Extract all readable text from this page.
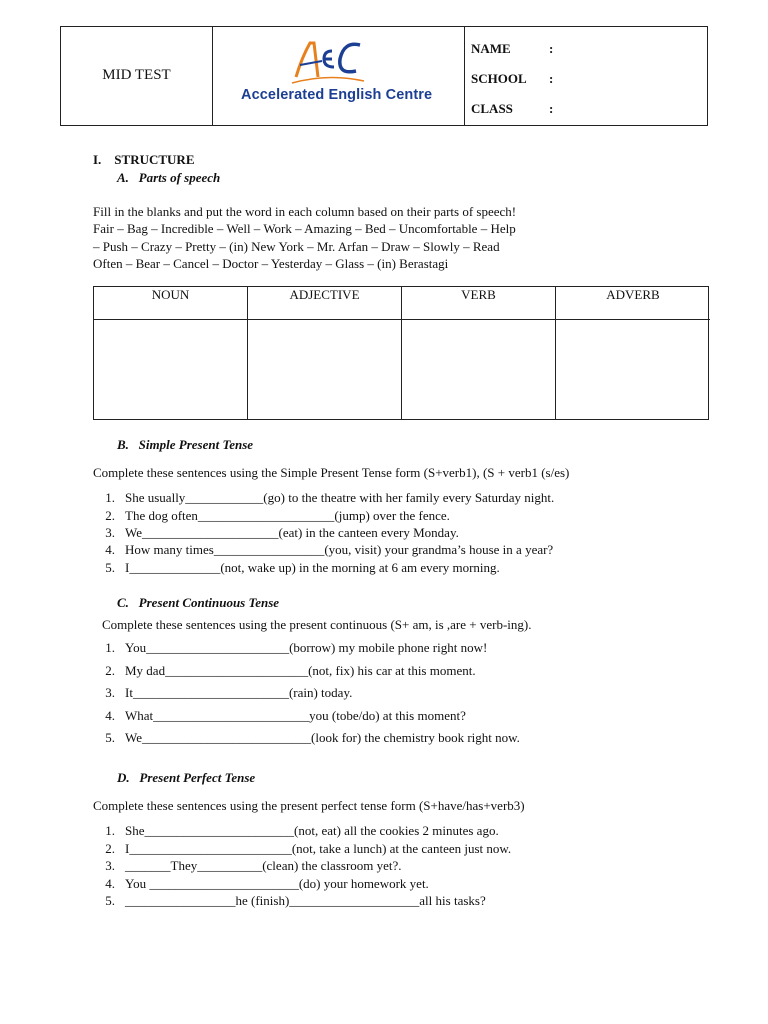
MID TEST
Accelerated English Centre
NAME	:
SCHOOL :
CLASS	:
I.    STRUCTURE
A.   Parts of speech
Fill in the blanks and put the word in each column based on their parts of speech!
Fair – Bag – Incredible – Well – Work – Amazing – Bed – Uncomfortable – Help
– Push – Crazy – Pretty – (in) New York – Mr. Arfan – Draw – Slowly – Read
Often – Bear – Cancel – Doctor – Yesterday – Glass – (in) Berastagi
NOUN	ADJECTIVE	VERB	ADVERB
B.   Simple Present Tense
Complete these sentences using the Simple Present Tense form (S+verb1), (S + verb1 (s/es)
1. She usually____________(go) to the theatre with her family every Saturday night.
2. The dog often_____________________(jump) over the fence.
3. We_____________________(eat) in the canteen every Monday.
4. How many times_________________(you, visit) your grandma’s house in a year?
5. I______________(not, wake up) in the morning at 6 am every morning.
C.   Present Continuous Tense
Complete these sentences using the present continuous (S+ am, is ,are + verb-ing).
1. You______________________(borrow) my mobile phone right now!
2. My dad______________________(not, fix) his car at this moment.
3. It________________________(rain) today.
4. What________________________you (tobe/do) at this moment?
5. We__________________________(look for) the chemistry book right now.
D.   Present Perfect Tense
Complete these sentences using the present perfect tense form (S+have/has+verb3)
1. She_______________________(not, eat) all the cookies 2 minutes ago.
2. I_________________________(not, take a lunch) at the canteen just now.
3. _______They__________(clean) the classroom yet?.
4. You _______________________(do) your homework yet.
5. _________________he (finish)____________________all his tasks?
